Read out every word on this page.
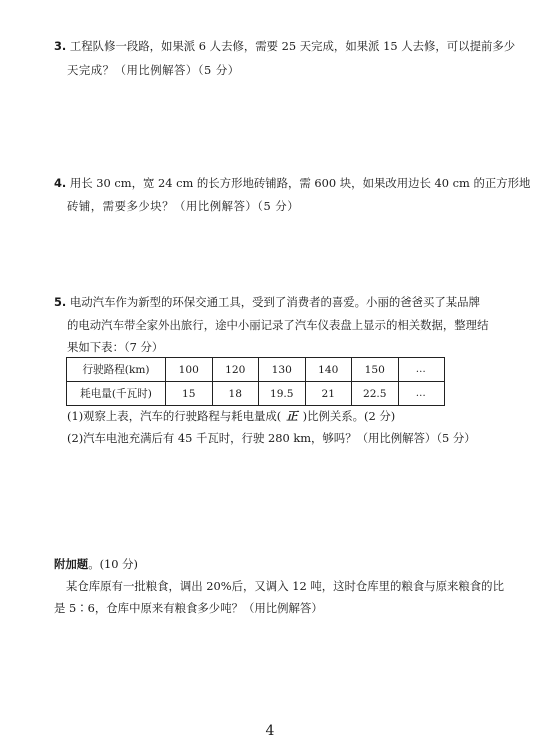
3. 工程队修一段路，如果派 6 人去修，需要 25 天完成，如果派 15 人去修，可以提前多少
天完成？（用比例解答）（5 分）
4. 用长 30 cm，宽 24 cm 的长方形地砖铺路，需 600 块，如果改用边长 40 cm 的正方形地
砖铺，需要多少块？（用比例解答）（5 分）
5. 电动汽车作为新型的环保交通工具，受到了消费者的喜爱。小丽的爸爸买了某品牌
的电动汽车带全家外出旅行，途中小丽记录了汽车仪表盘上显示的相关数据，整理结
果如下表：（7 分）
行驶路程(km)	100	120	130	140	150	…
耗电量(千瓦时)	15	18	19.5	21	22.5	…
(1)观察上表，汽车的行驶路程与耗电量成( 正 )比例关系。(2 分)
(2)汽车电池充满后有 45 千瓦时，行驶 280 km，够吗？（用比例解答）（5 分）
附加题。(10 分)
某仓库原有一批粮食，调出 20%后，又调入 12 吨，这时仓库里的粮食与原来粮食的比
是 5∶6，仓库中原来有粮食多少吨？（用比例解答）
4
